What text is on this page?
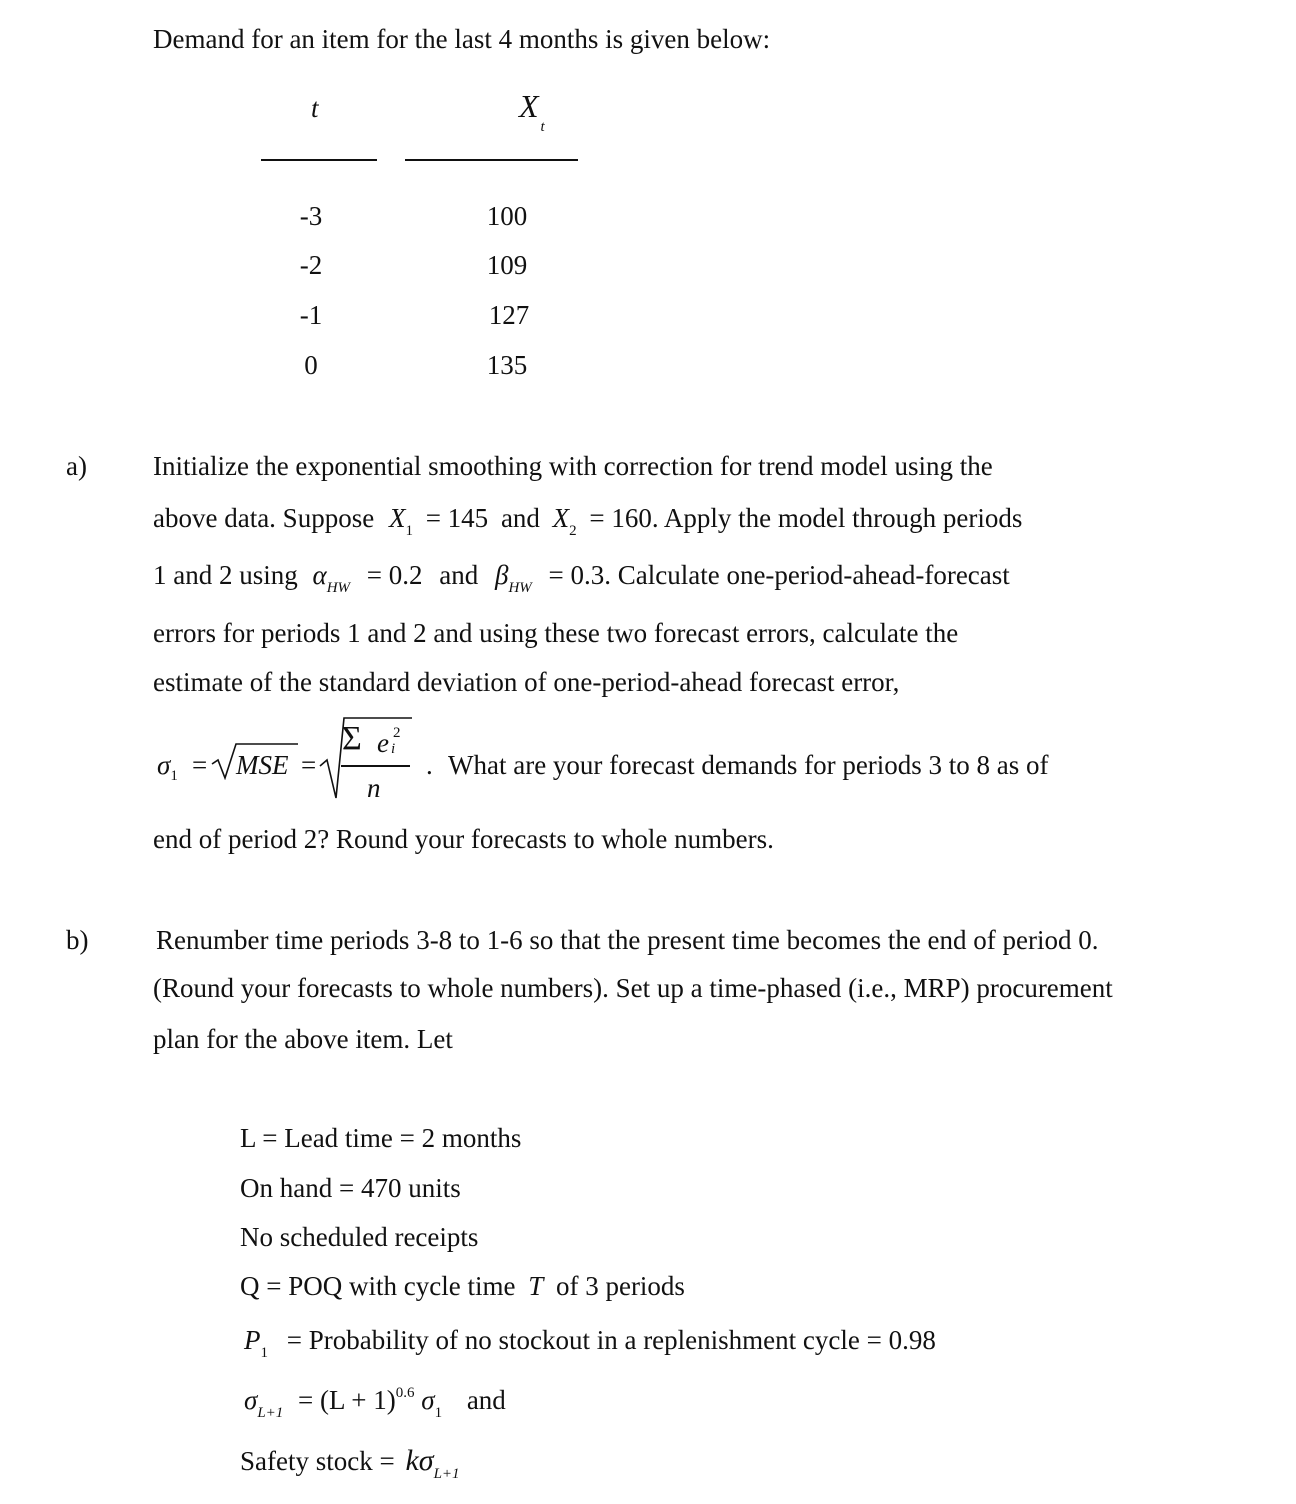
Demand for an item for the last 4 months is given below:
t	$X_t$
-3	100
-2	109
-1	127
0	135
a) Initialize the exponential smoothing with correction for trend model using the
above data. Suppose $X_1 = 145$ and $X_2 = 160$. Apply the model through periods
1 and 2 using $\alpha_{HW} = 0.2$ and $\beta_{HW} = 0.3$. Calculate one-period-ahead-forecast
errors for periods 1 and 2 and using these two forecast errors, calculate the
estimate of the standard deviation of one-period-ahead forecast error,
$\sigma_1$ = MSE =
Σ e 2
i
n
. What are your forecast demands for periods 3 to 8 as of
end of period 2? Round your forecasts to whole numbers.
b)	Renumber time periods 3-8 to 1-6 so that the present time becomes the end of period 0.
(Round your forecasts to whole numbers). Set up a time-phased (i.e., MRP) procurement
plan for the above item. Let
L = Lead time = 2 months
On hand = 470 units
No scheduled receipts
Q = POQ with cycle time T of 3 periods
$P_1$ = Probability of no stockout in a replenishment cycle = 0.98
$\sigma_{L+1} = (L + 1)^{0.6}$ $\sigma_1$ and
Safety stock = $k\sigma_{L+1}$
